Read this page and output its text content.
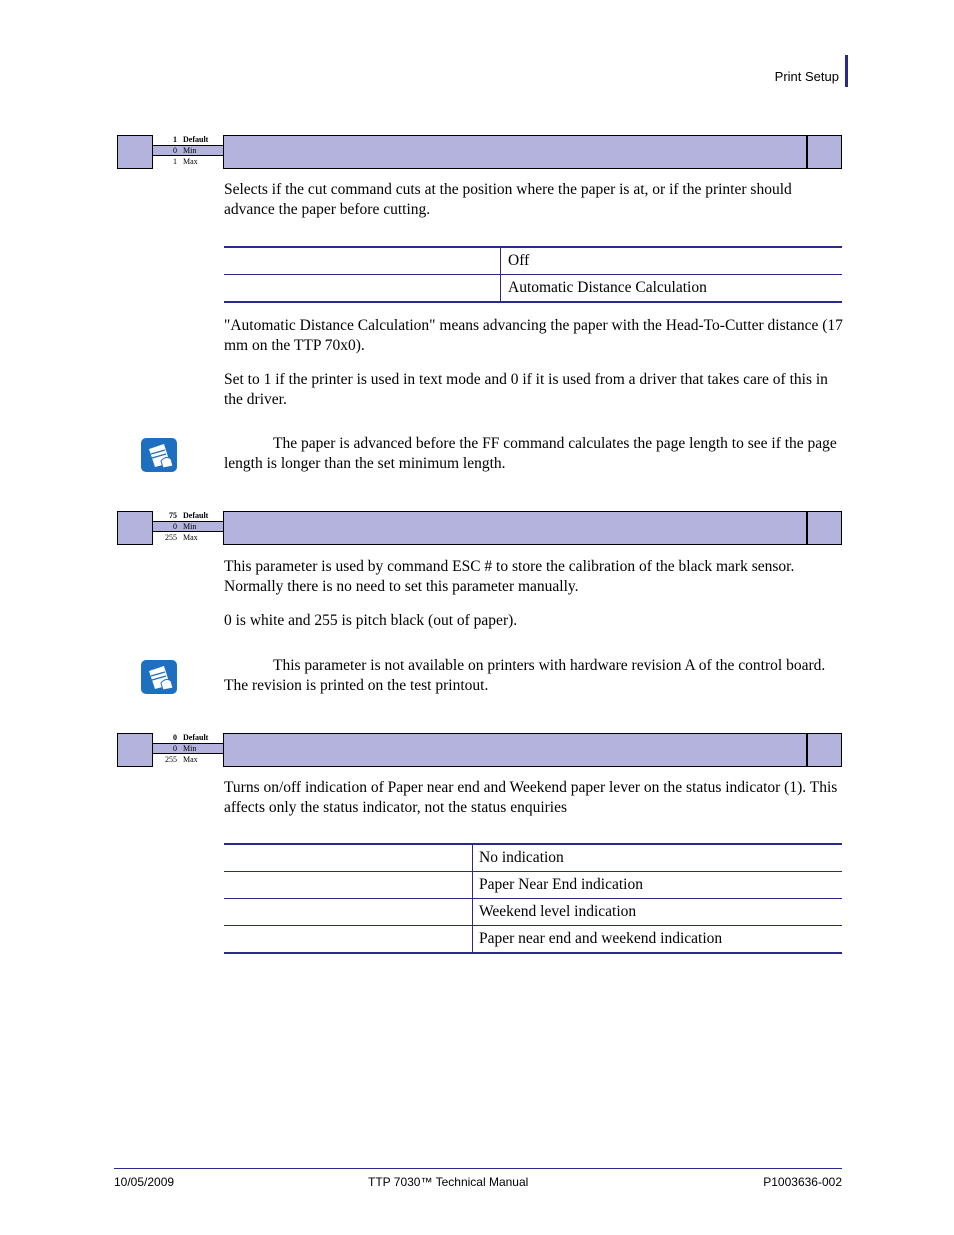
Print Setup
1 Default
0 Min
1 Max
Selects if the cut command cuts at the position where the paper is at, or if the printer should advance the paper before cutting.
Off
Automatic Distance Calculation
"Automatic Distance Calculation" means advancing the paper with the Head-To-Cutter distance (17 mm on the TTP 70x0).
Set to 1 if the printer is used in text mode and 0 if it is used from a driver that takes care of this in the driver.
The paper is advanced before the FF command calculates the page length to see if the page length is longer than the set minimum length.
75 Default
0 Min
255 Max
This parameter is used by command ESC # to store the calibration of the black mark sensor. Normally there is no need to set this parameter manually.
0 is white and 255 is pitch black (out of paper).
This parameter is not available on printers with hardware revision A of the control board. The revision is printed on the test printout.
0 Default
0 Min
255 Max
Turns on/off indication of Paper near end and Weekend paper lever on the status indicator (1). This affects only the status indicator, not the status enquiries
No indication
Paper Near End indication
Weekend level indication
Paper near end and weekend indication
10/05/2009	TTP 7030™ Technical Manual	P1003636-002
